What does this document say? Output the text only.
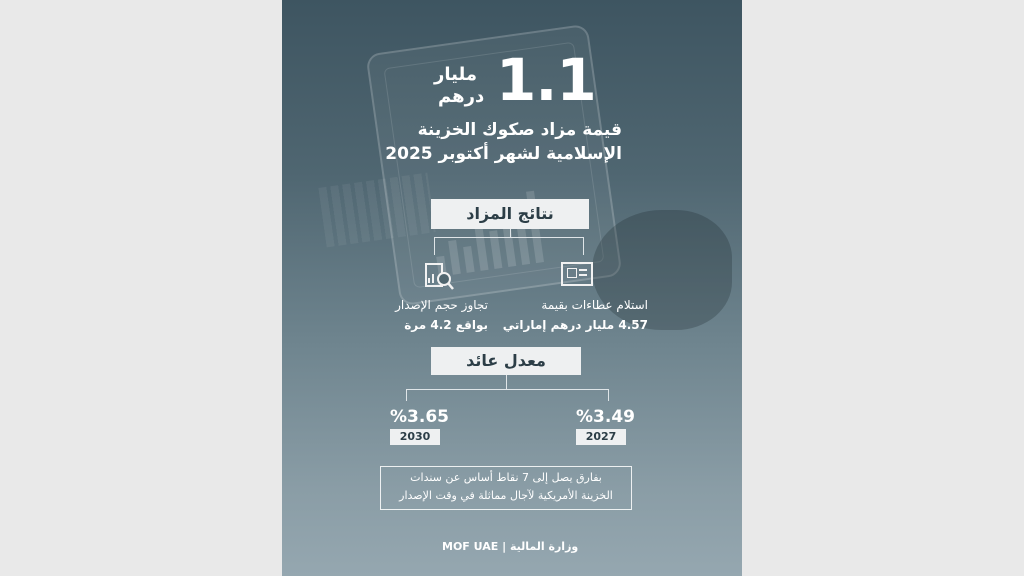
1.1
مليار
درهم
قيمة مزاد صكوك الخزينة
الإسلامية لشهر أكتوبر 2025
نتائج المزاد
استلام عطاءات بقيمة
4.57 مليار درهم إماراتي
تجاوز حجم الإصدار
بواقع 4.2 مرة
معدل عائد
%3.49
2027
%3.65
2030
بفارق يصل إلى 7 نقاط أساس عن سندات
الخزينة الأمريكية لآجال مماثلة في وقت الإصدار
وزارة المالية | MOF UAE
